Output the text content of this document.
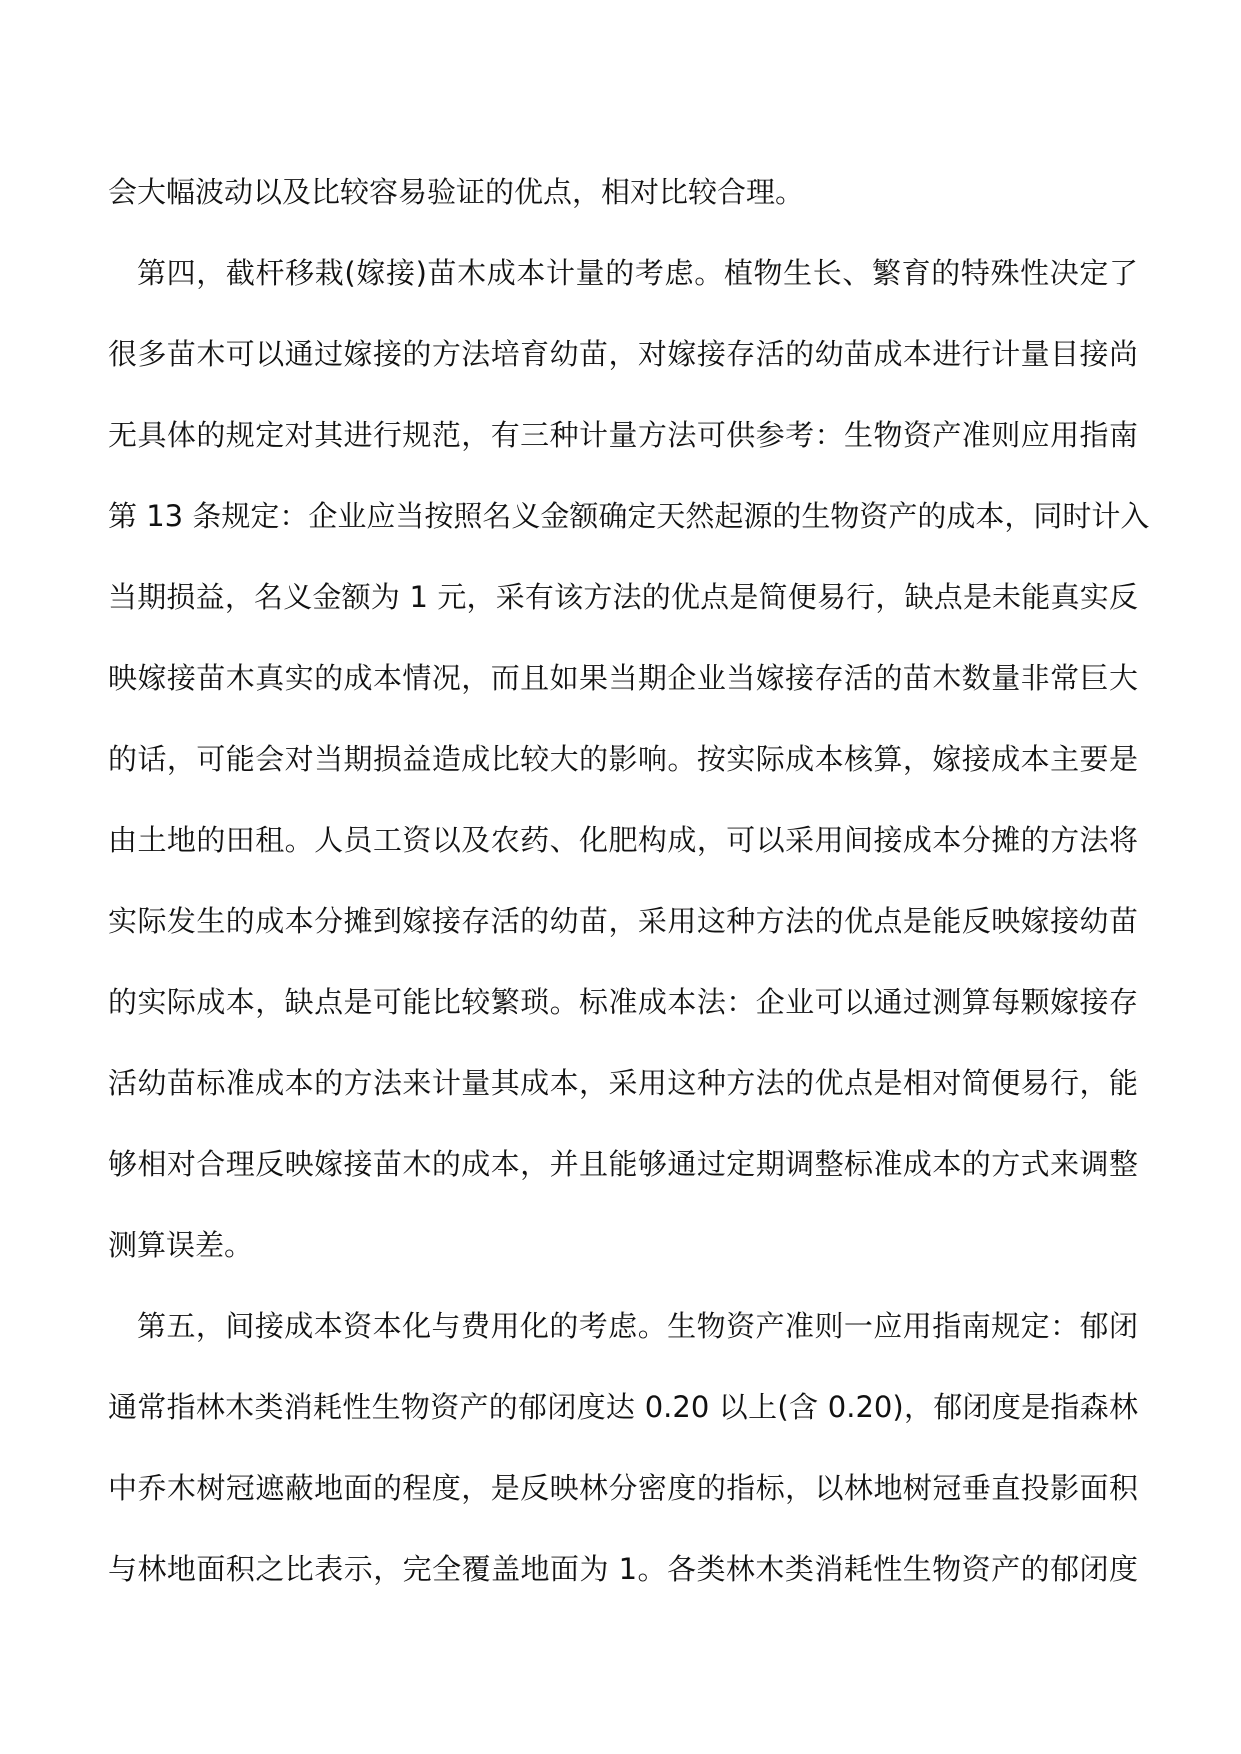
会大幅波动以及比较容易验证的优点，相对比较合理。
第四，截杆移栽(嫁接)苗木成本计量的考虑。植物生长、繁育的特殊性决定了
很多苗木可以通过嫁接的方法培育幼苗，对嫁接存活的幼苗成本进行计量目接尚
无具体的规定对其进行规范，有三种计量方法可供参考：生物资产准则应用指南
第 13 条规定：企业应当按照名义金额确定天然起源的生物资产的成本，同时计入
当期损益，名义金额为 1 元，采有该方法的优点是简便易行，缺点是未能真实反
映嫁接苗木真实的成本情况，而且如果当期企业当嫁接存活的苗木数量非常巨大
的话，可能会对当期损益造成比较大的影响。按实际成本核算，嫁接成本主要是
由土地的田租。人员工资以及农药、化肥构成，可以采用间接成本分摊的方法将
实际发生的成本分摊到嫁接存活的幼苗，采用这种方法的优点是能反映嫁接幼苗
的实际成本，缺点是可能比较繁琐。标准成本法：企业可以通过测算每颗嫁接存
活幼苗标准成本的方法来计量其成本，采用这种方法的优点是相对简便易行，能
够相对合理反映嫁接苗木的成本，并且能够通过定期调整标准成本的方式来调整
测算误差。
第五，间接成本资本化与费用化的考虑。生物资产准则一应用指南规定：郁闭
通常指林木类消耗性生物资产的郁闭度达 0.20 以上(含 0.20)，郁闭度是指森林
中乔木树冠遮蔽地面的程度，是反映林分密度的指标，以林地树冠垂直投影面积
与林地面积之比表示，完全覆盖地面为 1。各类林木类消耗性生物资产的郁闭度
